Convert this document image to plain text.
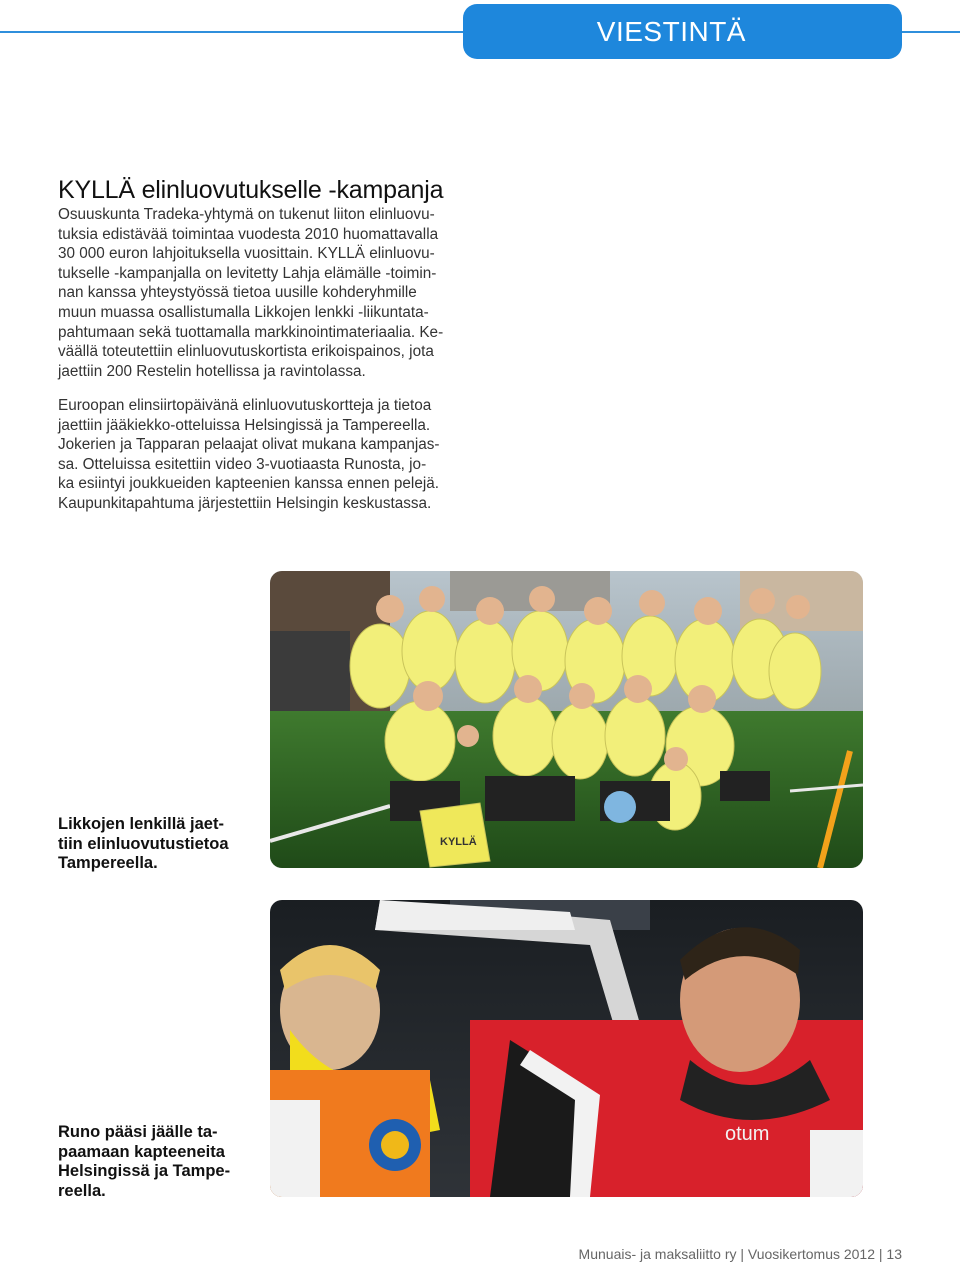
VIESTINTÄ
KYLLÄ elinluovutukselle -kampanja
Osuuskunta Tradeka-yhtymä on tukenut liiton elinluovu-
tuksia edistävää toimintaa vuodesta 2010 huomattavalla
30 000 euron lahjoituksella vuosittain. KYLLÄ elinluovu-
tukselle -kampanjalla on levitetty Lahja elämälle -toimin-
nan kanssa yhteystyössä tietoa uusille kohderyhmille
muun muassa osallistumalla Likkojen lenkki -liikuntata-
pahtumaan sekä tuottamalla markkinointimateriaalia. Ke-
väällä toteutettiin elinluovutuskortista erikoispainos, jota
jaettiin 200 Restelin hotellissa ja ravintolassa.
Euroopan elinsiirtopäivänä elinluovutuskortteja ja tietoa
jaettiin jääkiekko-otteluissa Helsingissä ja Tampereella.
Jokerien ja Tapparan pelaajat olivat mukana kampanjas-
sa. Otteluissa esitettiin video 3-vuotiaasta Runosta, jo-
ka esiintyi joukkueiden kapteenien kanssa ennen pelejä.
Kaupunkitapahtuma järjestettiin Helsingin keskustassa.
KYLLÄ
Likkojen lenkillä jaet-
tiin elinluovutustietoa
Tampereella.
otum
Runo pääsi jäälle ta-
paamaan kapteeneita
Helsingissä ja Tampe-
reella.
Munuais- ja maksaliitto ry | Vuosikertomus 2012 | 13
